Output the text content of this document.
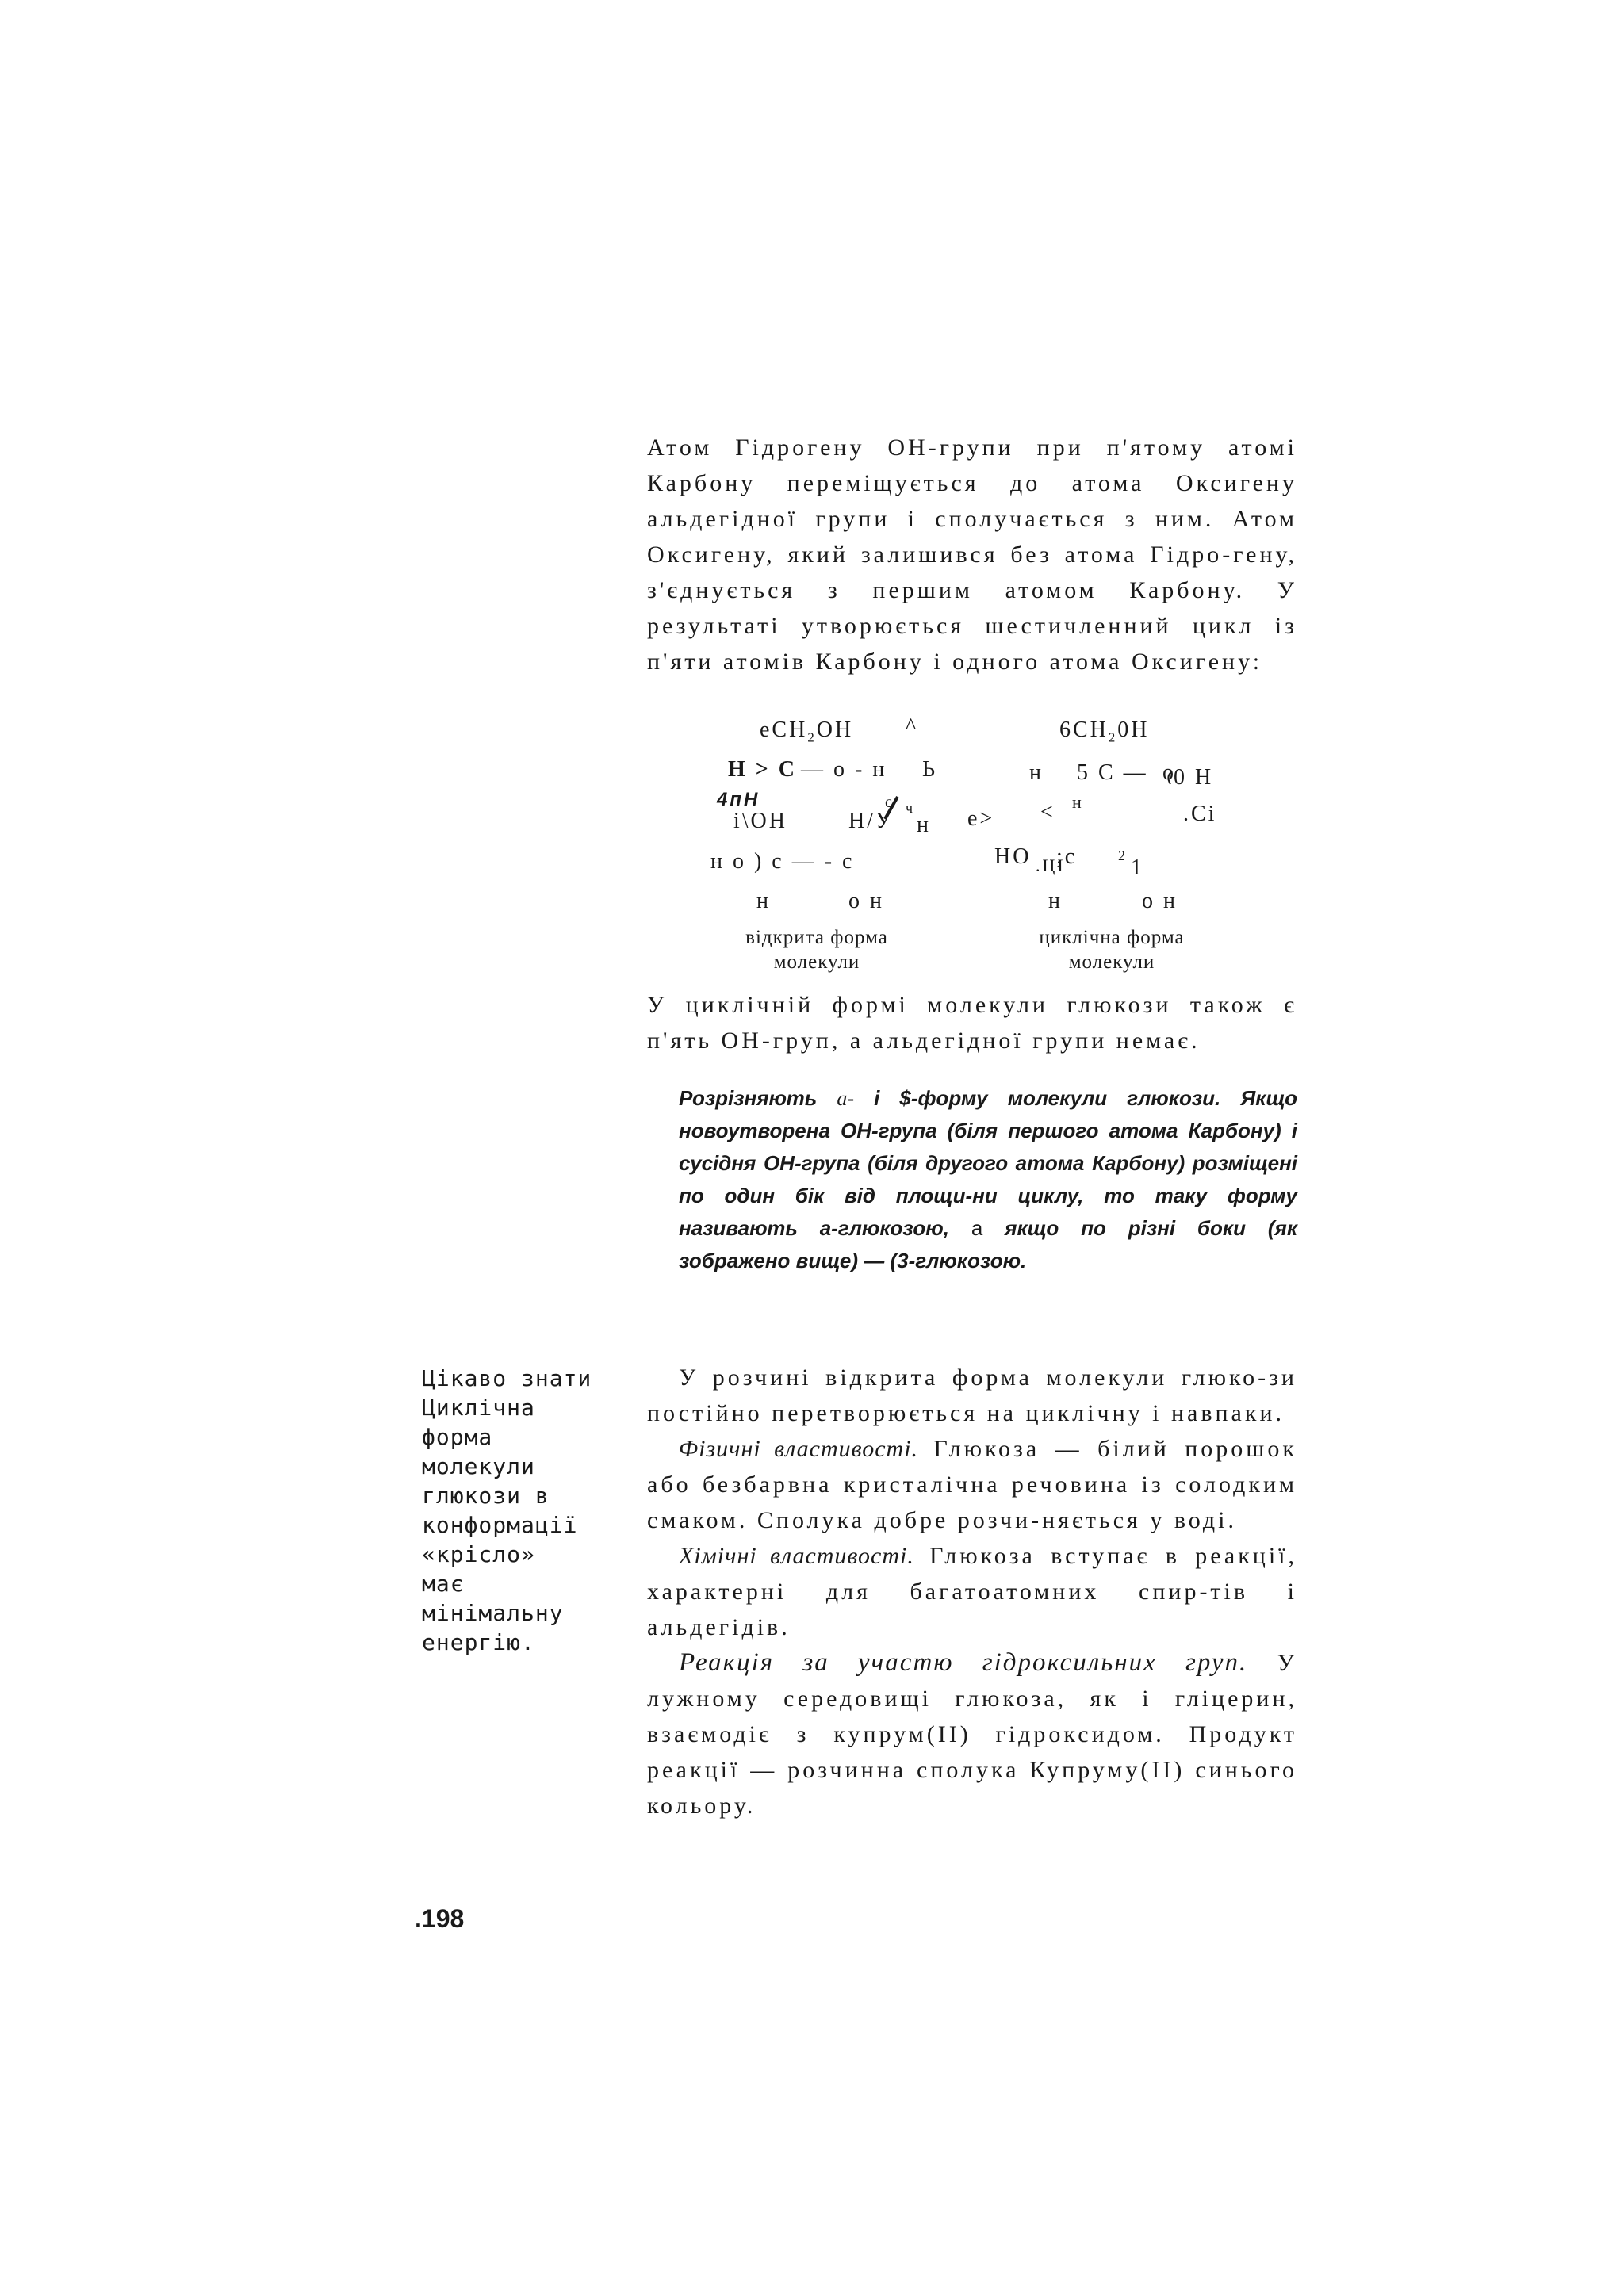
Атом Гідрогену ОН-групи при п'ятому атомі Карбону переміщується до атома Оксигену альдегідної групи і сполучається з ним. Атом Оксигену, який залишився без атома Гідро-гену, з'єднується з першим атомом Карбону. У результаті утворюється шестичленний цикл із п'яти атомів Карбону і одного атома Оксигену:

eCH$_2$OH ^
Н > С — о - н Ь
4пН
і\ОН	Н/У
с ч
н
н о ) с — - с
н	о н
відкрита форма
молекули
е> <
$6CH_20H$
н 5 С — о
0 Н
н	.Ci
НО ;с
.ЦІ	2 1
н	о н
циклічна форма
молекули

У циклічній формі молекули глюкози також є п'ять ОН-груп, а альдегідної групи немає.

Розрізняють а- і $-форму молекули глюкози. Якщо новоутворена ОН-група (біля першого атома Карбону) і сусідня ОН-група (біля другого атома Карбону) розміщені по один бік від площи-ни циклу, то таку форму називають а-глюкозою, а якщо по різні боки (як зображено вище) — (3-глюкозою.

Цікаво знати
Циклічна
форма
молекули
глюкози в
конформації
«крісло»
має
мінімальну
енергію.

У розчині відкрита форма молекули глюко-зи постійно перетворюється на циклічну і навпаки.

Фізичні властивості. Глюкоза — білий порошок або безбарвна кристалічна речовина із солодким смаком. Сполука добре розчи-няється у воді.

Хімічні властивості. Глюкоза вступає в реакції, характерні для багатоатомних спир-тів і альдегідів.

Реакція за участю гідроксильних груп. У лужному середовищі глюкоза, як і гліцерин, взаємодіє з купрум(II) гідроксидом. Продукт реакції — розчинна сполука Купруму(II) синього кольору.

.198
